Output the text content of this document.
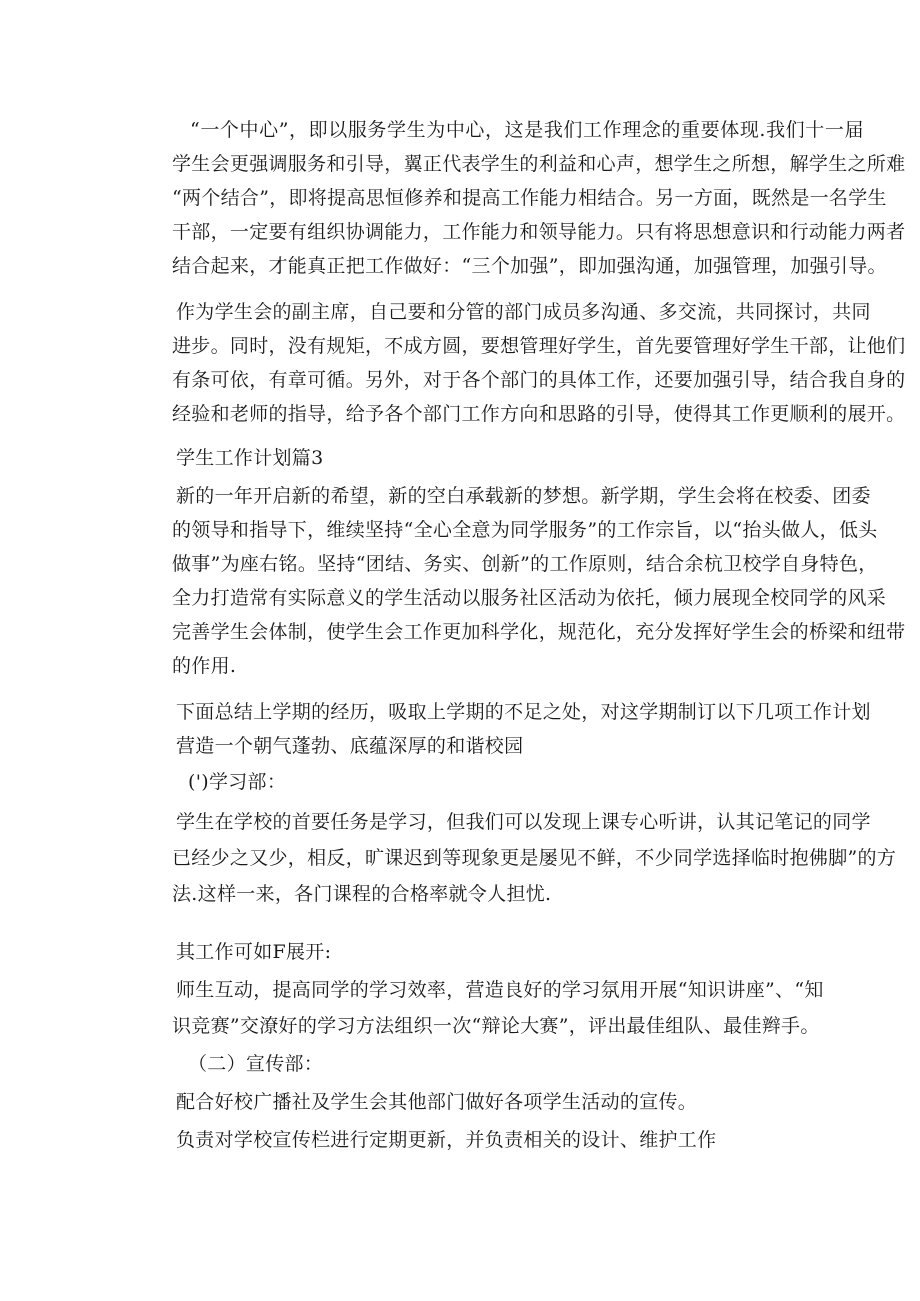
“一个中心”，即以服务学生为中心，这是我们工作理念的重要体现.我们十一届
学生会更强调服务和引导，翼正代表学生的利益和心声，想学生之所想，解学生之所难
“两个结合”，即将提高思恒修养和提高工作能力相结合。另一方面，既然是一名学生
干部，一定要有组织协调能力，工作能力和领导能力。只有将思想意识和行动能力两者
结合起来，才能真正把工作做好：“三个加强”，即加强沟通，加强管理，加强引导。
作为学生会的副主席，自己要和分管的部门成员多沟通、多交流，共同探讨，共同
进步。同时，没有规矩，不成方圆，要想管理好学生，首先要管理好学生干部，让他们
有条可依，有章可循。另外，对于各个部门的具体工作，还要加强引导，结合我自身的
经验和老师的指导，给予各个部门工作方向和思路的引导，使得其工作更顺利的展开。
学生工作计划篇3
新的一年开启新的希望，新的空白承载新的梦想。新学期，学生会将在校委、团委
的领导和指导下，维续坚持“全心全意为同学服务”的工作宗旨，以“抬头做人，低头
做事”为座右铭。坚持“团结、务实、创新”的工作原则，结合余杭卫校学自身特色，
全力打造常有实际意义的学生活动以服务社区活动为依托，倾力展现全校同学的风采
完善学生会体制，使学生会工作更加科学化，规范化，充分发挥好学生会的桥梁和纽带
的作用.
下面总结上学期的经历，吸取上学期的不足之处，对这学期制订以下几项工作计划
营造一个朝气蓬勃、底蕴深厚的和谐校园
(')学习部：
学生在学校的首要任务是学习，但我们可以发现上课专心听讲，认其记笔记的同学
已经少之又少，相反，旷课迟到等现象更是屡见不鲜，不少同学选择临时抱佛脚”的方
法.这样一来，各门课程的合格率就令人担忧.
其工作可如F展开:
师生互动，提高同学的学习效率，营造良好的学习氛用开展“知识讲座”、“知
识竞赛”交潦好的学习方法组织一次“辩论大赛”，评出最佳组队、最佳辫手。
（二）宣传部：
配合好校广播社及学生会其他部门做好各项学生活动的宣传。
负责对学校宣传栏进行定期更新，并负责相关的设计、维护工作
